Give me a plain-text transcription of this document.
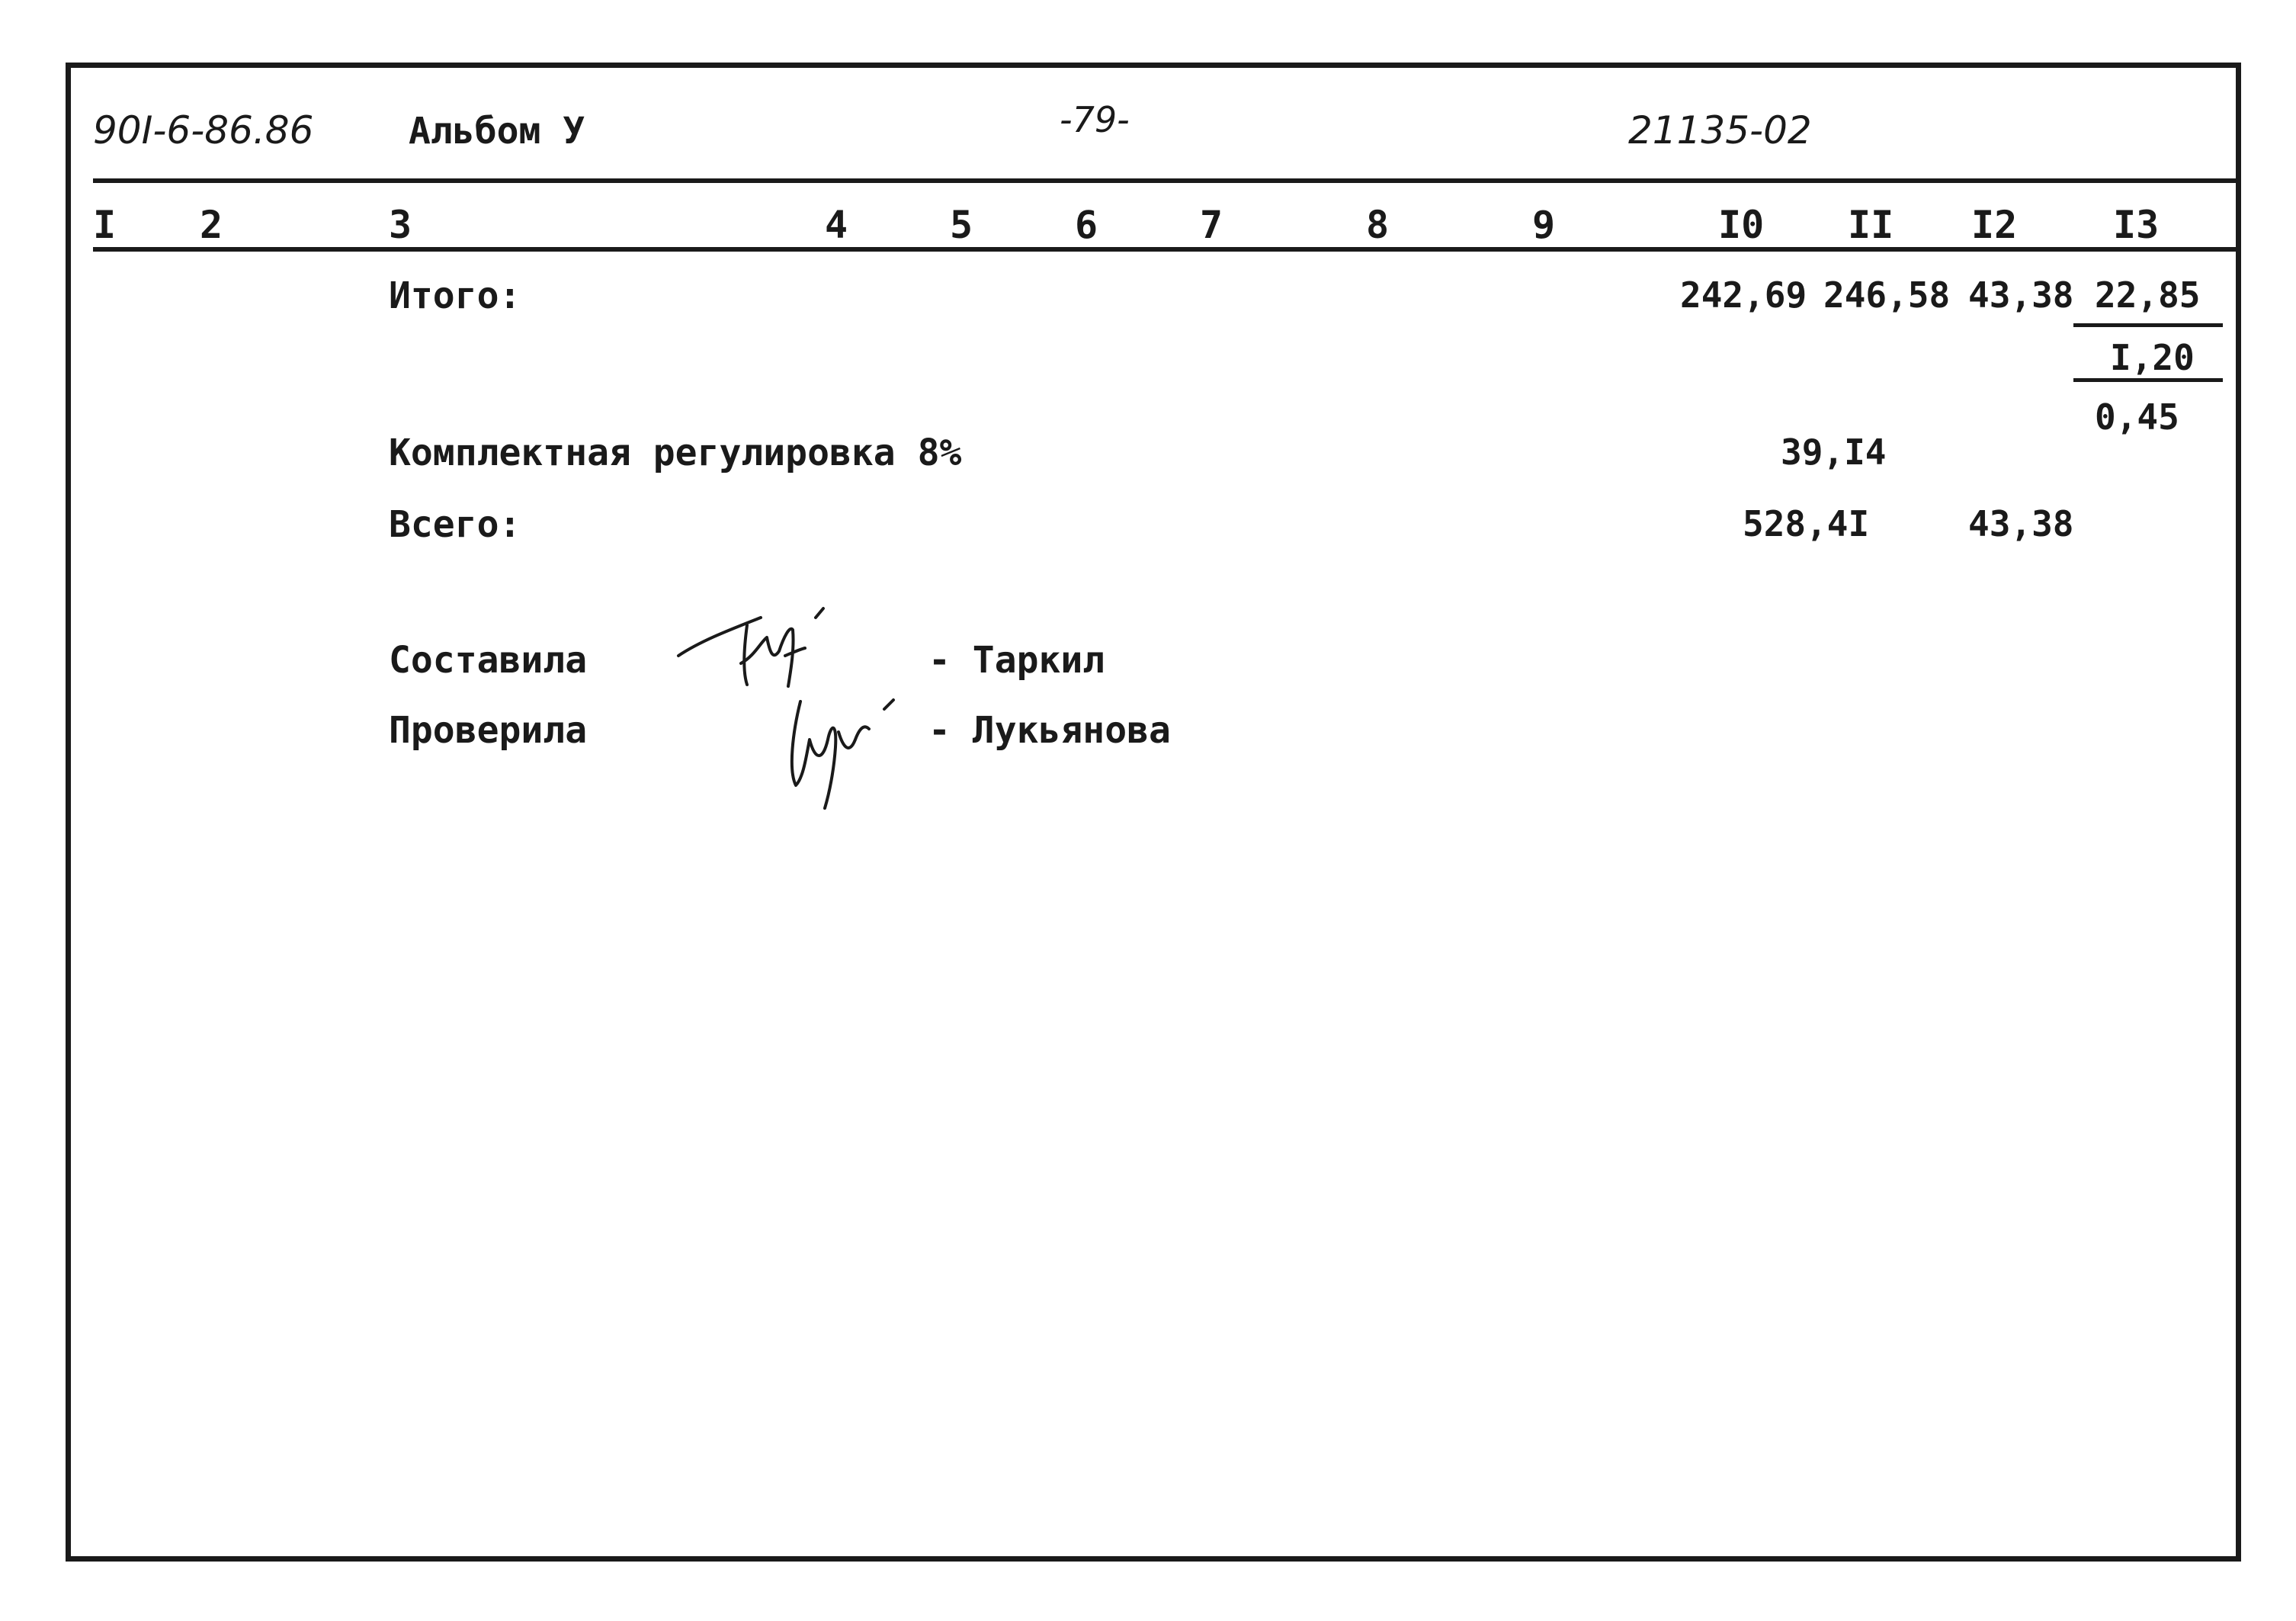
90I-6-86.86	Альбом У	-79-	21135-02
I 2	3	4	5	6	7	8	9	I0 II I2	I3
Итого:	242,69 246,58 43,38 22,85
I,20
0,45
Комплектная регулировка 8%	39,I4
Всего:	528,4I	43,38
Составила	- Таркил
Проверила	- Лукьянова
